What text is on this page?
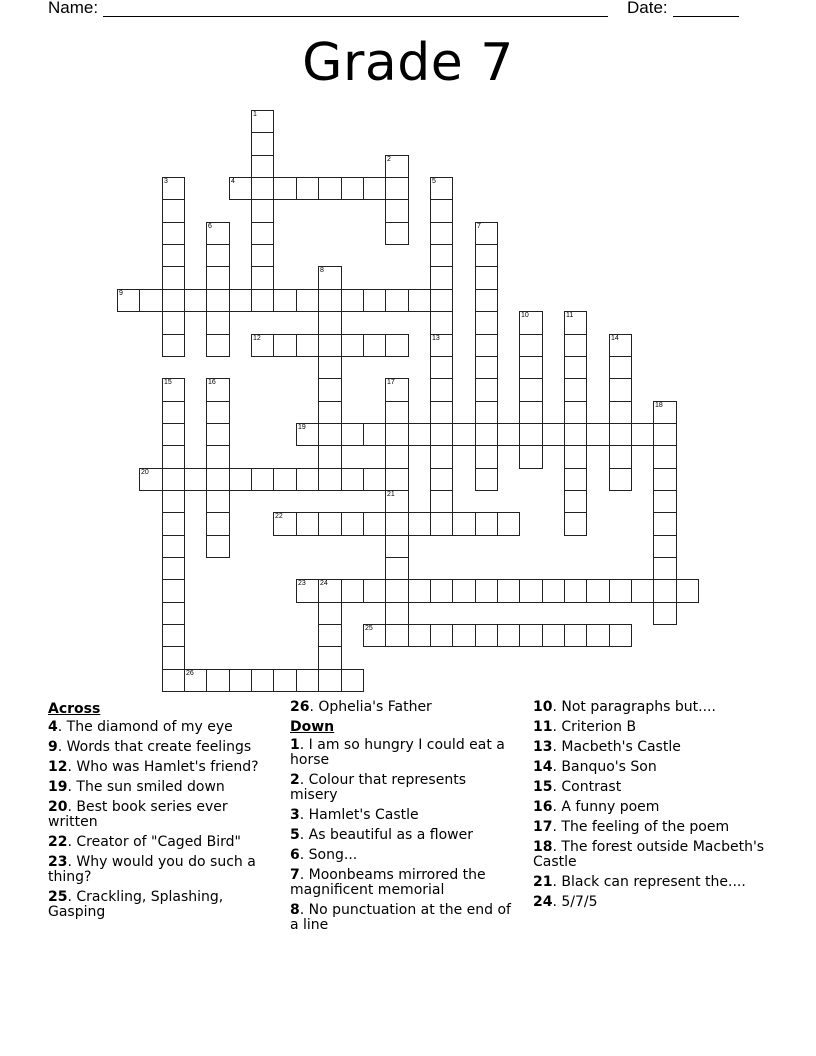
Name:	Date:
Grade 7
1
2
3	4	5
6	7
8
9
10	11
12	13	14
15	16	17
18
19
20
21
22
23 24
25
26
Across
4. The diamond of my eye
9. Words that create feelings
12. Who was Hamlet's friend?
19. The sun smiled down
20. Best book series ever written
22. Creator of "Caged Bird"
23. Why would you do such a thing?
25. Crackling, Splashing, Gasping
26. Ophelia's Father
Down
1. I am so hungry I could eat a horse
2. Colour that represents misery
3. Hamlet's Castle
5. As beautiful as a flower
6. Song...
7. Moonbeams mirrored the magnificent memorial
8. No punctuation at the end of a line
10. Not paragraphs but....
11. Criterion B
13. Macbeth's Castle
14. Banquo's Son
15. Contrast
16. A funny poem
17. The feeling of the poem
18. The forest outside Macbeth's Castle
21. Black can represent the....
24. 5/7/5
